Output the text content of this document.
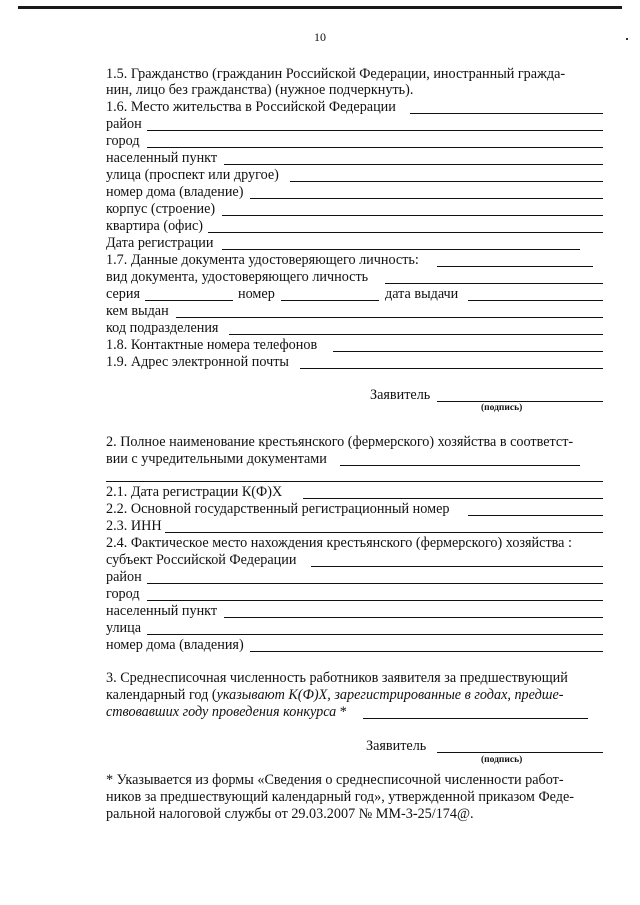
10
1.5. Гражданство (гражданин Российской Федерации, иностранный гражда-
нин, лицо без гражданства) (нужное подчеркнуть).
1.6. Место жительства в Российской Федерации
район
город
населенный пункт
улица (проспект или другое)
номер дома (владение)
корпус (строение)
квартира (офис)
Дата регистрации
1.7. Данные документа удостоверяющего личность:
вид документа, удостоверяющего личность
серия	номер	дата выдачи
кем выдан
код подразделения
1.8. Контактные номера телефонов
1.9. Адрес электронной почты
Заявитель
(подпись)
2. Полное наименование крестьянского (фермерского) хозяйства в соответст-
вии с учредительными документами
2.1. Дата регистрации К(Ф)Х
2.2. Основной государственный регистрационный номер
2.3. ИНН
2.4. Фактическое место нахождения крестьянского (фермерского) хозяйства :
субъект Российской Федерации
район
город
населенный пункт
улица
номер дома (владения)
3. Среднесписочная численность работников заявителя за предшествующий
календарный год (указывают К(Ф)Х, зарегистрированные в годах, предше-
ствовавших году проведения конкурса *
Заявитель
(подпись)
* Указывается из формы «Сведения о среднесписочной численности работ-
ников за предшествующий календарный год», утвержденной приказом Феде-
ральной налоговой службы от 29.03.2007 № ММ-3-25/174@.
